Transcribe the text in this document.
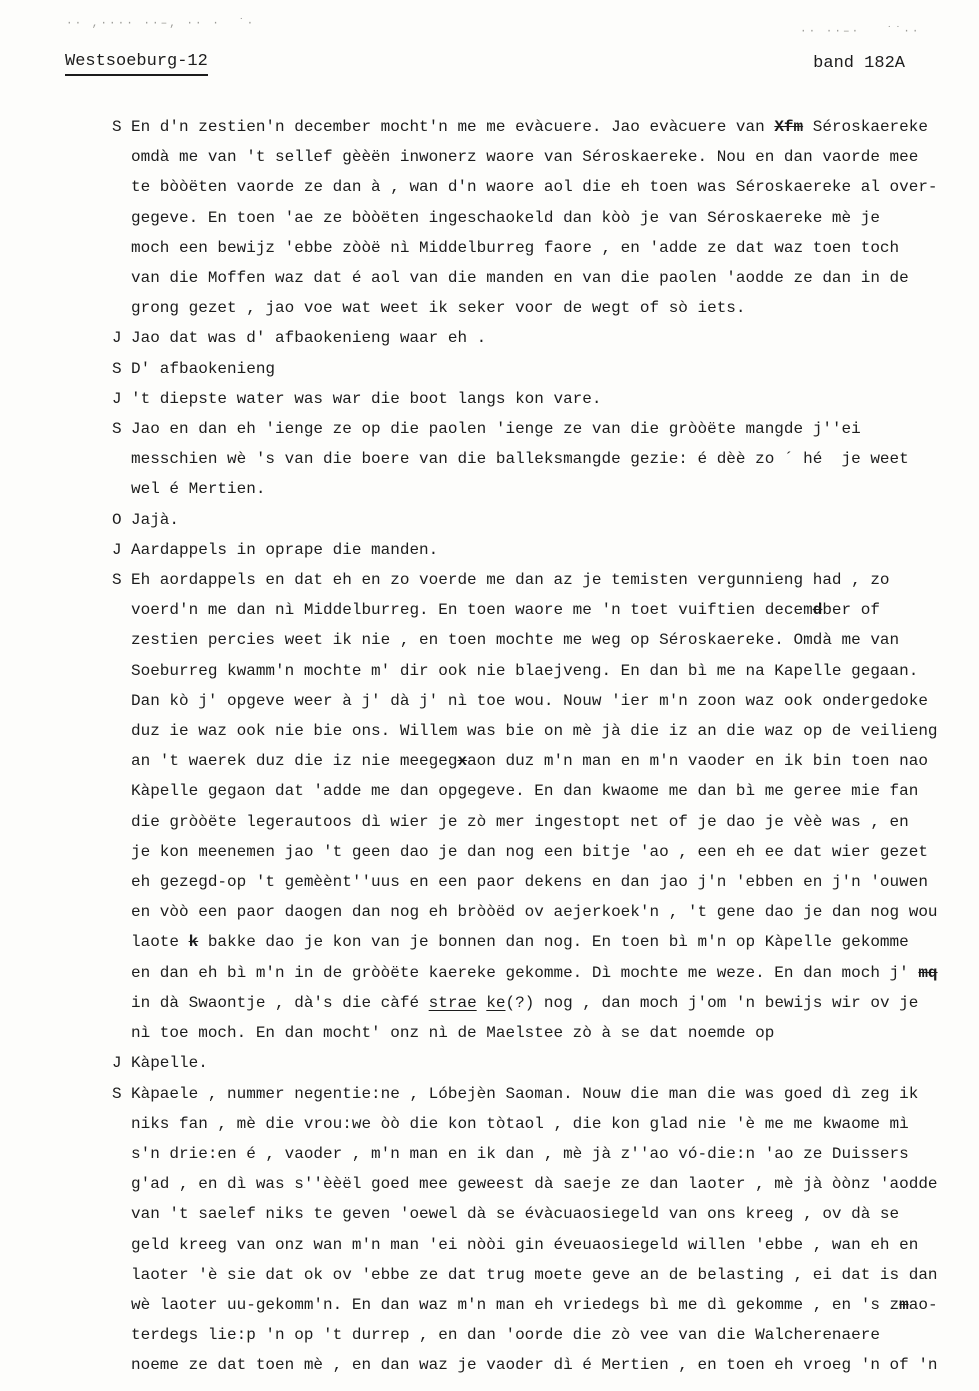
·· ,···· ··–, ·· ·  ˙·
·· ··–·   ˙˙··
Westsoeburg-12	band 182A
S En d'n zestien'n december mocht'n me me evàcuere. Jao evàcuere van Xfm Séroskaereke
omdà me van 't sellef gèèën inwonerz waore van Séroskaereke. Nou en dan vaorde mee
te bòòëten vaorde ze dan à , wan d'n waore aol die eh toen was Séroskaereke al over-
gegeve. En toen 'ae ze bòòëten ingeschaokeld dan kòò je van Séroskaereke mè je
moch een bewijz 'ebbe zòòë nì Middelburreg faore , en 'adde ze dat waz toen toch
van die Moffen waz dat é aol van die manden en van die paolen 'aodde ze dan in de
grong gezet , jao voe wat weet ik seker voor de wegt of sò iets.
J Jao dat was d' afbaokenieng waar eh .
S D' afbaokenieng
J 't diepste water was war die boot langs kon vare.
S Jao en dan eh 'ienge ze op die paolen 'ienge ze van die gròòëte mangde j''ei
messchien wè 's van die boere van die balleksmangde gezie: é dèè zo ´ hé  je weet
wel é Mertien.
O Jajà.
J Aardappels in oprape die manden.
S Eh aordappels en dat eh en zo voerde me dan az je temisten vergunnieng had , zo
voerd'n me dan nì Middelburreg. En toen waore me 'n toet vuiftien decemdber of
zestien percies weet ik nie , en toen mochte me weg op Séroskaereke. Omdà me van
Soeburreg kwamm'n mochte m' dir ook nie blaejveng. En dan bì me na Kapelle gegaan.
Dan kò j' opgeve weer à j' dà j' nì toe wou. Nouw 'ier m'n zoon waz ook ondergedoke
duz ie waz ook nie bie ons. Willem was bie on mè jà die iz an die waz op de veilieng
an 't waerek duz die iz nie meegegxaon duz m'n man en m'n vaoder en ik bin toen nao
Kàpelle gegaon dat 'adde me dan opgegeve. En dan kwaome me dan bì me geree mie fan
die gròòëte legerautoos dì wier je zò mer ingestopt net of je dao je vèè was , en
je kon meenemen jao 't geen dao je dan nog een bitje 'ao , een eh ee dat wier gezet
eh gezegd-op 't gemèènt''uus en een paor dekens en dan jao j'n 'ebben en j'n 'ouwen
en vòò een paor daogen dan nog eh bròòëd ov aejerkoek'n , 't gene dao je dan nog wou
laote k bakke dao je kon van je bonnen dan nog. En toen bì m'n op Kàpelle gekomme
en dan eh bì m'n in de gròòëte kaereke gekomme. Dì mochte me weze. En dan moch j' mq
in dà Swaontje , dà's die càfé strae ke(?) nog , dan moch j'om 'n bewijs wir ov je
nì toe moch. En dan mocht' onz nì de Maelstee zò à se dat noemde op
J Kàpelle.
S Kàpaele , nummer negentie:ne , Lóbejèn Saoman. Nouw die man die was goed dì zeg ik
niks fan , mè die vrou:we òò die kon tòtaol , die kon glad nie 'è me me kwaome mì
s'n drie:en é , vaoder , m'n man en ik dan , mè jà z''ao vó-die:n 'ao ze Duissers
g'ad , en dì was s''èèël goed mee geweest dà saeje ze dan laoter , mè jà òònz 'aodde
van 't saelef niks te geven 'oewel dà se évàcuaosiegeld van ons kreeg , ov dà se
geld kreeg van onz wan m'n man 'ei nòòi gin éveuaosiegeld willen 'ebbe , wan eh en
laoter 'è sie dat ok ov 'ebbe ze dat trug moete geve an de belasting , ei dat is dan
wè laoter uu-gekomm'n. En dan waz m'n man eh vriedegs bì me dì gekomme , en 's zmao-
terdegs lie:p 'n op 't durrep , en dan 'oorde die zò vee van die Walcherenaere
noeme ze dat toen mè , en dan waz je vaoder dì é Mertien , en toen eh vroeg 'n of 'n
